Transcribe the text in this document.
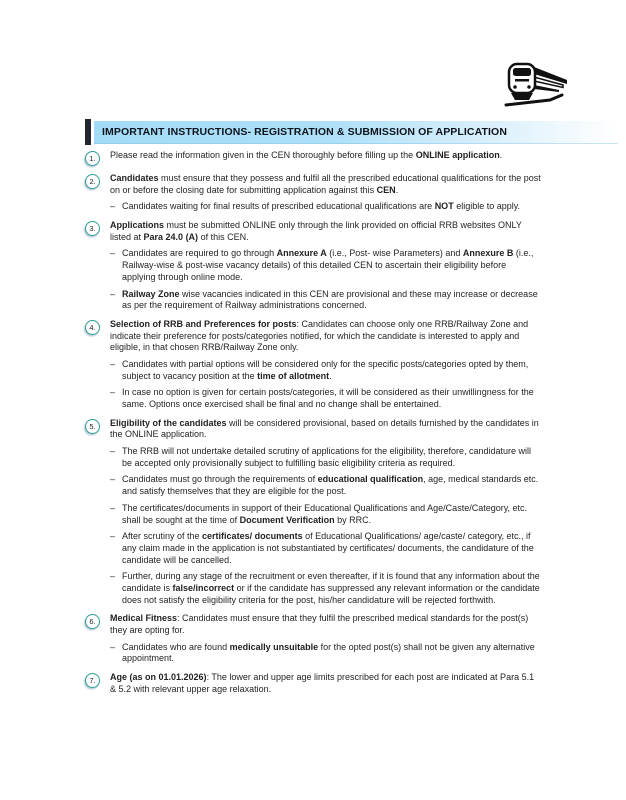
IMPORTANT INSTRUCTIONS- REGISTRATION & SUBMISSION OF APPLICATION
1.	Please read the information given in the CEN thoroughly before filling up the ONLINE application.
2.	Candidates must ensure that they possess and fulfil all the prescribed educational qualifications for the post on or before the closing date for submitting application against this CEN.
– Candidates waiting for final results of prescribed educational qualifications are NOT eligible to apply.
3.	Applications must be submitted ONLINE only through the link provided on official RRB websites ONLY listed at Para 24.0 (A) of this CEN.
– Candidates are required to go through Annexure A (i.e., Post- wise Parameters) and Annexure B (i.e., Railway-wise & post-wise vacancy details) of this detailed CEN to ascertain their eligibility before applying through online mode.
– Railway Zone wise vacancies indicated in this CEN are provisional and these may increase or decrease as per the requirement of Railway administrations concerned.
4.	Selection of RRB and Preferences for posts: Candidates can choose only one RRB/Railway Zone and indicate their preference for posts/categories notified, for which the candidate is interested to apply and eligible, in that chosen RRB/Railway Zone only.
– Candidates with partial options will be considered only for the specific posts/categories opted by them, subject to vacancy position at the time of allotment.
– In case no option is given for certain posts/categories, it will be considered as their unwillingness for the same. Options once exercised shall be final and no change shall be entertained.
5.	Eligibility of the candidates will be considered provisional, based on details furnished by the candidates in the ONLINE application.
– The RRB will not undertake detailed scrutiny of applications for the eligibility, therefore, candidature will be accepted only provisionally subject to fulfilling basic eligibility criteria as required.
– Candidates must go through the requirements of educational qualification, age, medical standards etc. and satisfy themselves that they are eligible for the post.
– The certificates/documents in support of their Educational Qualifications and Age/Caste/Category, etc. shall be sought at the time of Document Verification by RRC.
– After scrutiny of the certificates/ documents of Educational Qualifications/ age/caste/ category, etc., if any claim made in the application is not substantiated by certificates/ documents, the candidature of the candidate will be cancelled.
– Further, during any stage of the recruitment or even thereafter, if it is found that any information about the candidate is false/incorrect or if the candidate has suppressed any relevant information or the candidate does not satisfy the eligibility criteria for the post, his/her candidature will be rejected forthwith.
6.	Medical Fitness: Candidates must ensure that they fulfil the prescribed medical standards for the post(s) they are opting for.
– Candidates who are found medically unsuitable for the opted post(s) shall not be given any alternative appointment.
7.	Age (as on 01.01.2026): The lower and upper age limits prescribed for each post are indicated at Para 5.1 & 5.2 with relevant upper age relaxation.
